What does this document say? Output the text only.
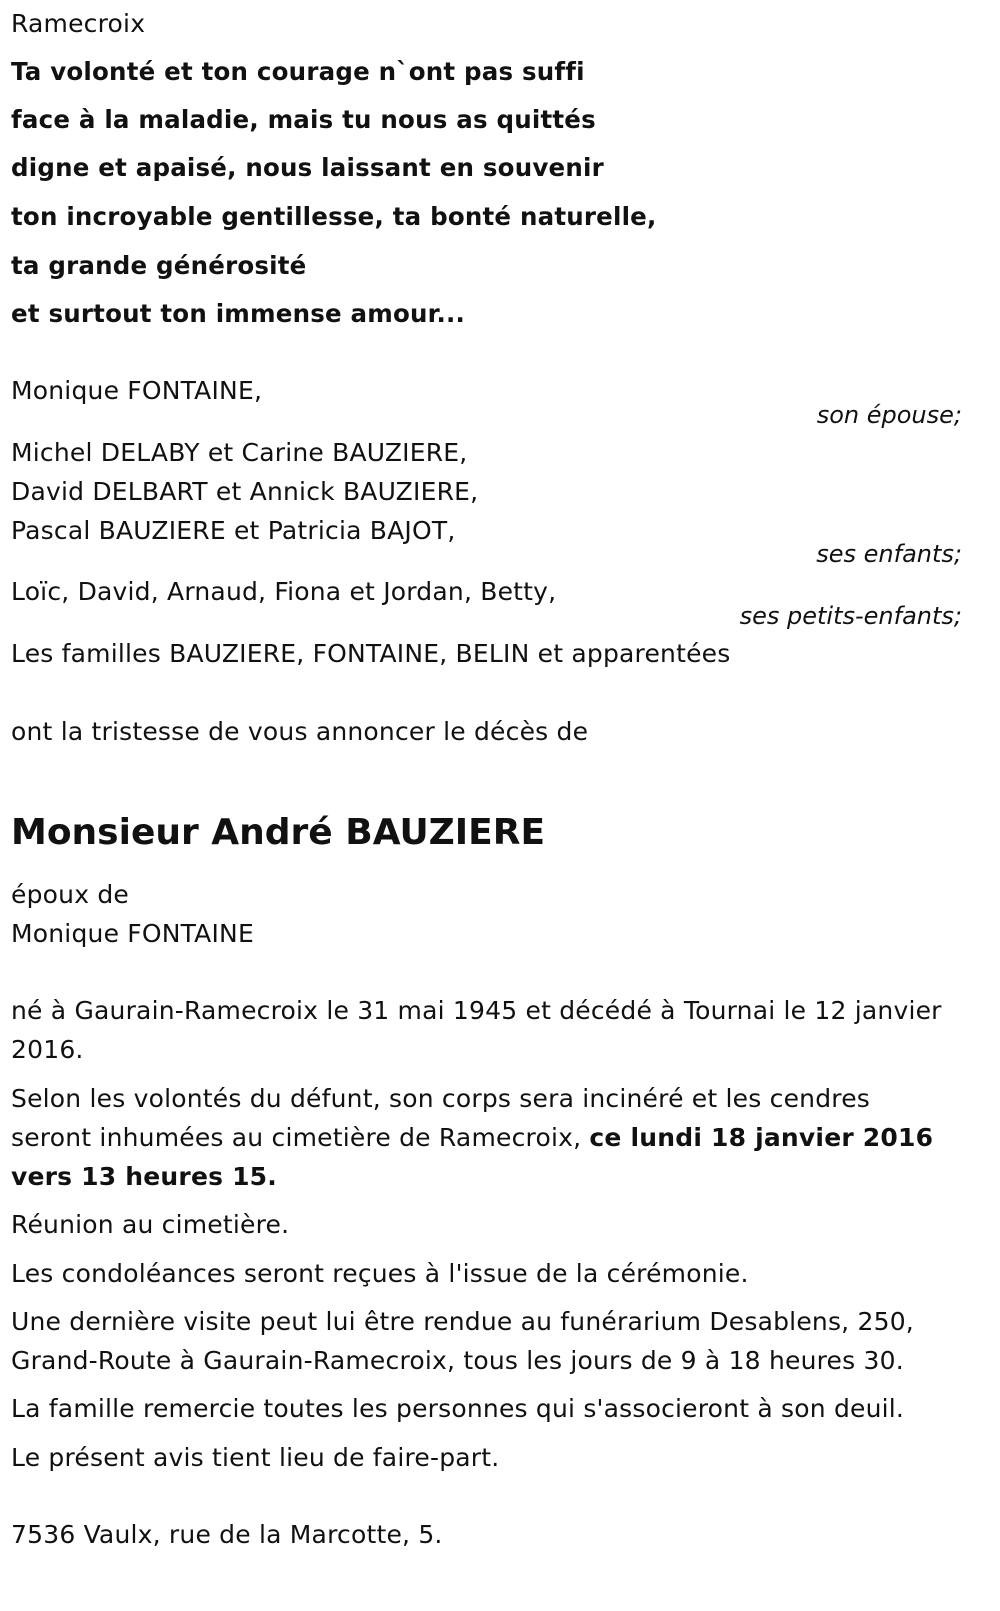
Ramecroix
Ta volonté et ton courage n`ont pas suffi
face à la maladie, mais tu nous as quittés
digne et apaisé, nous laissant en souvenir
ton incroyable gentillesse, ta bonté naturelle,
ta grande générosité
et surtout ton immense amour...
Monique FONTAINE,
son épouse;
Michel DELABY et Carine BAUZIERE,
David DELBART et Annick BAUZIERE,
Pascal BAUZIERE et Patricia BAJOT,
ses enfants;
Loïc, David, Arnaud, Fiona et Jordan, Betty,
ses petits-enfants;
Les familles BAUZIERE, FONTAINE, BELIN et apparentées
ont la tristesse de vous annoncer le décès de
Monsieur André BAUZIERE
époux de
Monique FONTAINE
né à Gaurain-Ramecroix le 31 mai 1945 et décédé à Tournai le 12 janvier
2016.
Selon les volontés du défunt, son corps sera incinéré et les cendres
seront inhumées au cimetière de Ramecroix, ce lundi 18 janvier 2016
vers 13 heures 15.
Réunion au cimetière.
Les condoléances seront reçues à l'issue de la cérémonie.
Une dernière visite peut lui être rendue au funérarium Desablens, 250,
Grand-Route à Gaurain-Ramecroix, tous les jours de 9 à 18 heures 30.
La famille remercie toutes les personnes qui s'associeront à son deuil.
Le présent avis tient lieu de faire-part.
7536 Vaulx, rue de la Marcotte, 5.
